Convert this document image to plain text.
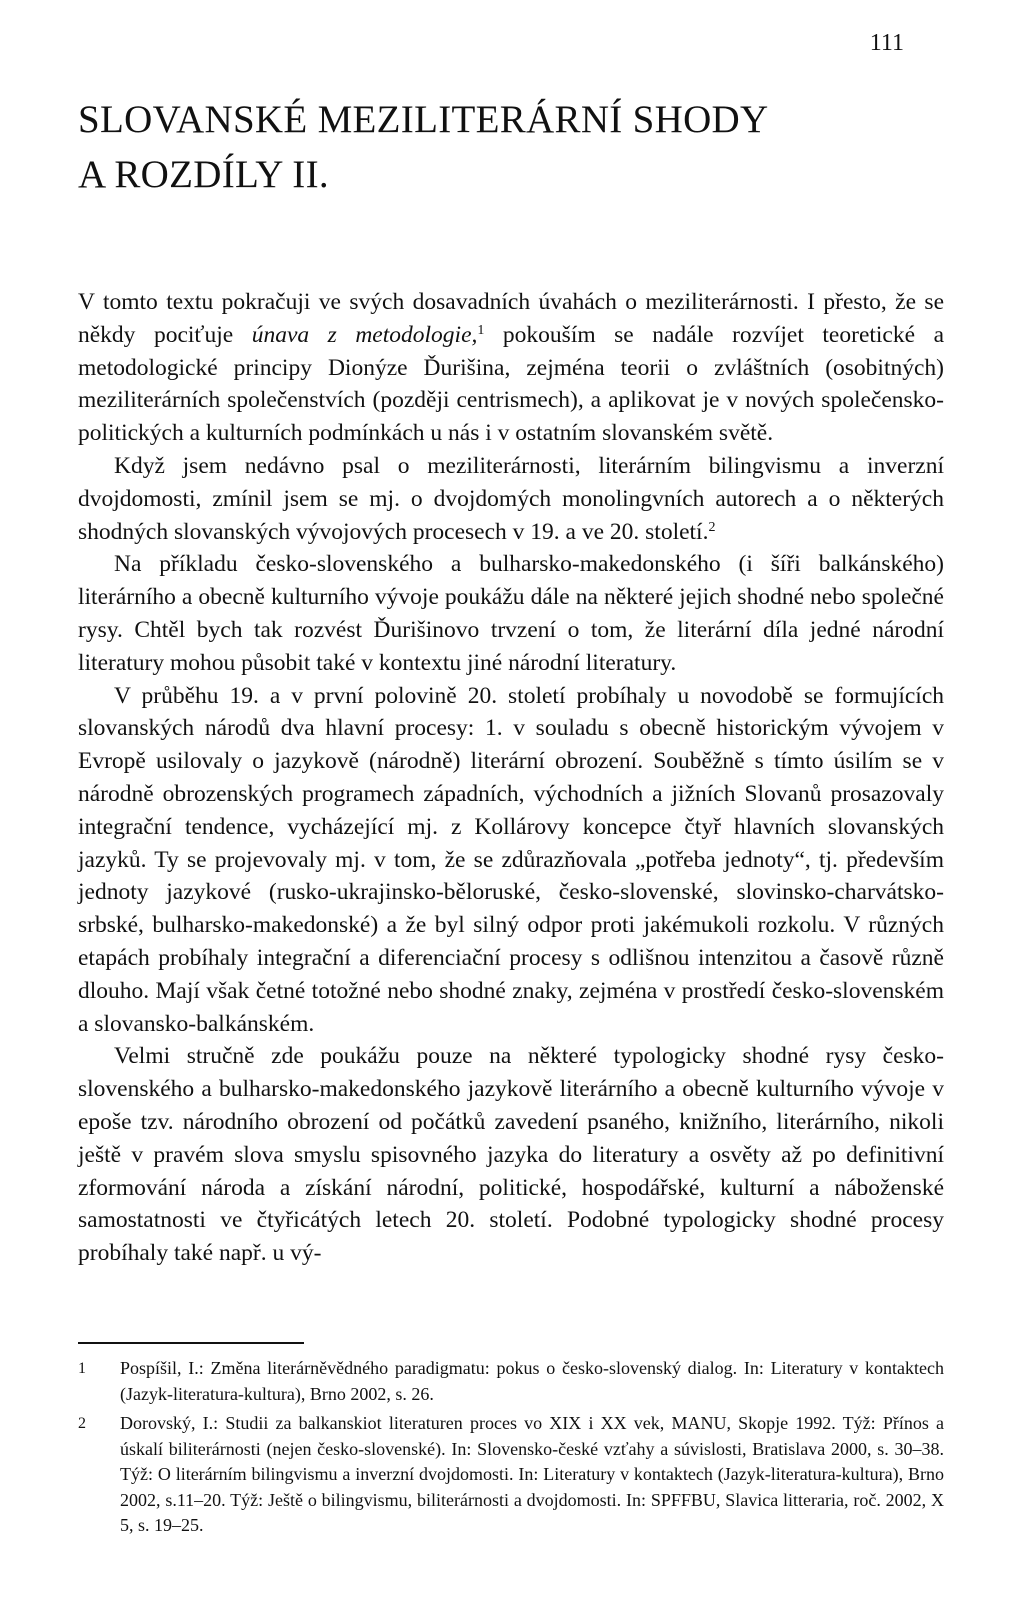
111
SLOVANSKÉ MEZILITERÁRNÍ SHODY
A ROZDÍLY II.

V tomto textu pokračuji ve svých dosavadních úvahách o meziliterárnosti. I přesto, že se někdy pociťuje únava z metodologie,$^1$ pokouším se nadále rozvíjet teoretické a metodologické principy Dionýze Ďurišina, zejména teorii o zvláštních (osobitných) meziliterárních společenstvích (později centrismech), a aplikovat je v nových společensko-politických a kulturních podmínkách u nás i v ostatním slovanském světě.

Když jsem nedávno psal o meziliterárnosti, literárním bilingvismu a inverzní dvojdomosti, zmínil jsem se mj. o dvojdomých monolingvních autorech a o některých shodných slovanských vývojových procesech v 19. a ve 20. století.$^2$

Na příkladu česko-slovenského a bulharsko-makedonského (i šíři balkánského) literárního a obecně kulturního vývoje poukážu dále na některé jejich shodné nebo společné rysy. Chtěl bych tak rozvést Ďurišinovo trvzení o tom, že literární díla jedné národní literatury mohou působit také v kontextu jiné národní literatury.

V průběhu 19. a v první polovině 20. století probíhaly u novodobě se formujících slovanských národů dva hlavní procesy: 1. v souladu s obecně historickým vývojem v Evropě usilovaly o jazykově (národně) literární obrození. Souběžně s tímto úsilím se v národně obrozenských programech západních, východních a jižních Slovanů prosazovaly integrační tendence, vycházející mj. z Kollárovy koncepce čtyř hlavních slovanských jazyků. Ty se projevovaly mj. v tom, že se zdůrazňovala „potřeba jednoty“, tj. především jednoty jazykové (rusko-ukrajinsko-běloruské, česko-slovenské, slovinsko-charvátsko-srbské, bulharsko-makedonské) a že byl silný odpor proti jakémukoli rozkolu. V různých etapách probíhaly integrační a diferenciační procesy s odlišnou intenzitou a časově různě dlouho. Mají však četné totožné nebo shodné znaky, zejména v prostředí česko-slovenském a slovansko-balkánském.

Velmi stručně zde poukážu pouze na některé typologicky shodné rysy česko-slovenského a bulharsko-makedonského jazykově literárního a obecně kulturního vývoje v epoše tzv. národního obrození od počátků zavedení psaného, knižního, literárního, nikoli ještě v pravém slova smyslu spisovného jazyka do literatury a osvěty až po definitivní zformování národa a získání národní, politické, hospodářské, kulturní a náboženské samostatnosti ve čtyřicátých letech 20. století. Podobné typologicky shodné procesy probíhaly také např. u vý-

1	Pospíšil, I.: Změna literárněvědného paradigmatu: pokus o česko-slovenský dialog. In: Literatury v kontaktech (Jazyk-literatura-kultura), Brno 2002, s. 26.
2	Dorovský, I.: Studii za balkanskiot literaturen proces vo XIX i XX vek, MANU, Skopje 1992. Týž: Přínos a úskalí biliterárnosti (nejen česko-slovenské). In: Slovensko-české vzťahy a súvislosti, Bratislava 2000, s. 30–38. Týž: O literárním bilingvismu a inverzní dvojdomosti. In: Literatury v kontaktech (Jazyk-literatura-kultura), Brno 2002, s.11–20. Týž: Ještě o bilingvismu, biliterárnosti a dvojdomosti. In: SPFFBU, Slavica litteraria, roč. 2002, X 5, s. 19–25.
